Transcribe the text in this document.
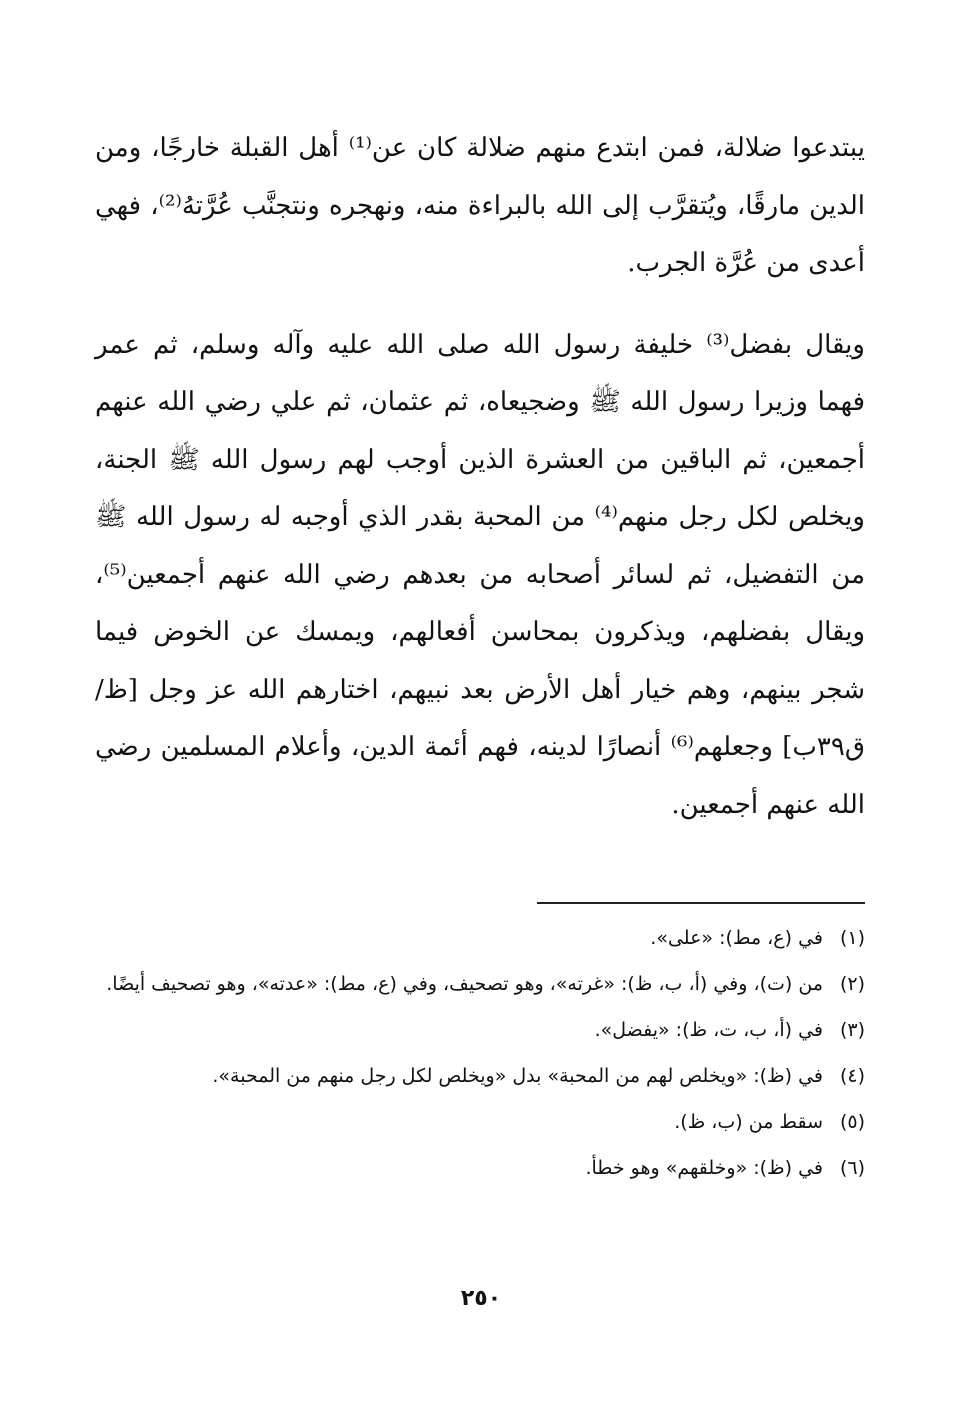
يبتدعوا ضلالة، فمن ابتدع منهم ضلالة كان عن⁽¹⁾ أهل القبلة خارجًا، ومن الدين مارقًا، ويُتقرَّب إلى الله بالبراءة منه، ونهجره ونتجنَّب عُرَّتهُ⁽²⁾، فهي أعدى من عُرَّة الجرب.

ويقال بفضل⁽³⁾ خليفة رسول الله صلى الله عليه وآله وسلم، ثم عمر فهما وزيرا رسول الله ﷺ وضجيعاه، ثم عثمان، ثم علي رضي الله عنهم أجمعين، ثم الباقين من العشرة الذين أوجب لهم رسول الله ﷺ الجنة، ويخلص لكل رجل منهم⁽⁴⁾ من المحبة بقدر الذي أوجبه له رسول الله ﷺ من التفضيل، ثم لسائر أصحابه من بعدهم رضي الله عنهم أجمعين⁽⁵⁾، ويقال بفضلهم، ويذكرون بمحاسن أفعالهم، ويمسك عن الخوض فيما شجر بينهم، وهم خيار أهل الأرض بعد نبيهم، اختارهم الله عز وجل [ظ/ق٣٩ب] وجعلهم⁽⁶⁾ أنصارًا لدينه، فهم أئمة الدين، وأعلام المسلمين رضي الله عنهم أجمعين.

(١)
في (ع، مط): «على».
(٢)
من (ت)، وفي (أ، ب، ظ): «غرته»، وهو تصحيف، وفي (ع، مط): «عدته»، وهو تصحيف أيضًا.
(٣)
في (أ، ب، ت، ظ): «يفضل».
(٤)
في (ظ): «ويخلص لهم من المحبة» بدل «ويخلص لكل رجل منهم من المحبة».
(٥)
سقط من (ب، ظ).
(٦)
في (ظ): «وخلقهم» وهو خطأ.
٢٥٠
